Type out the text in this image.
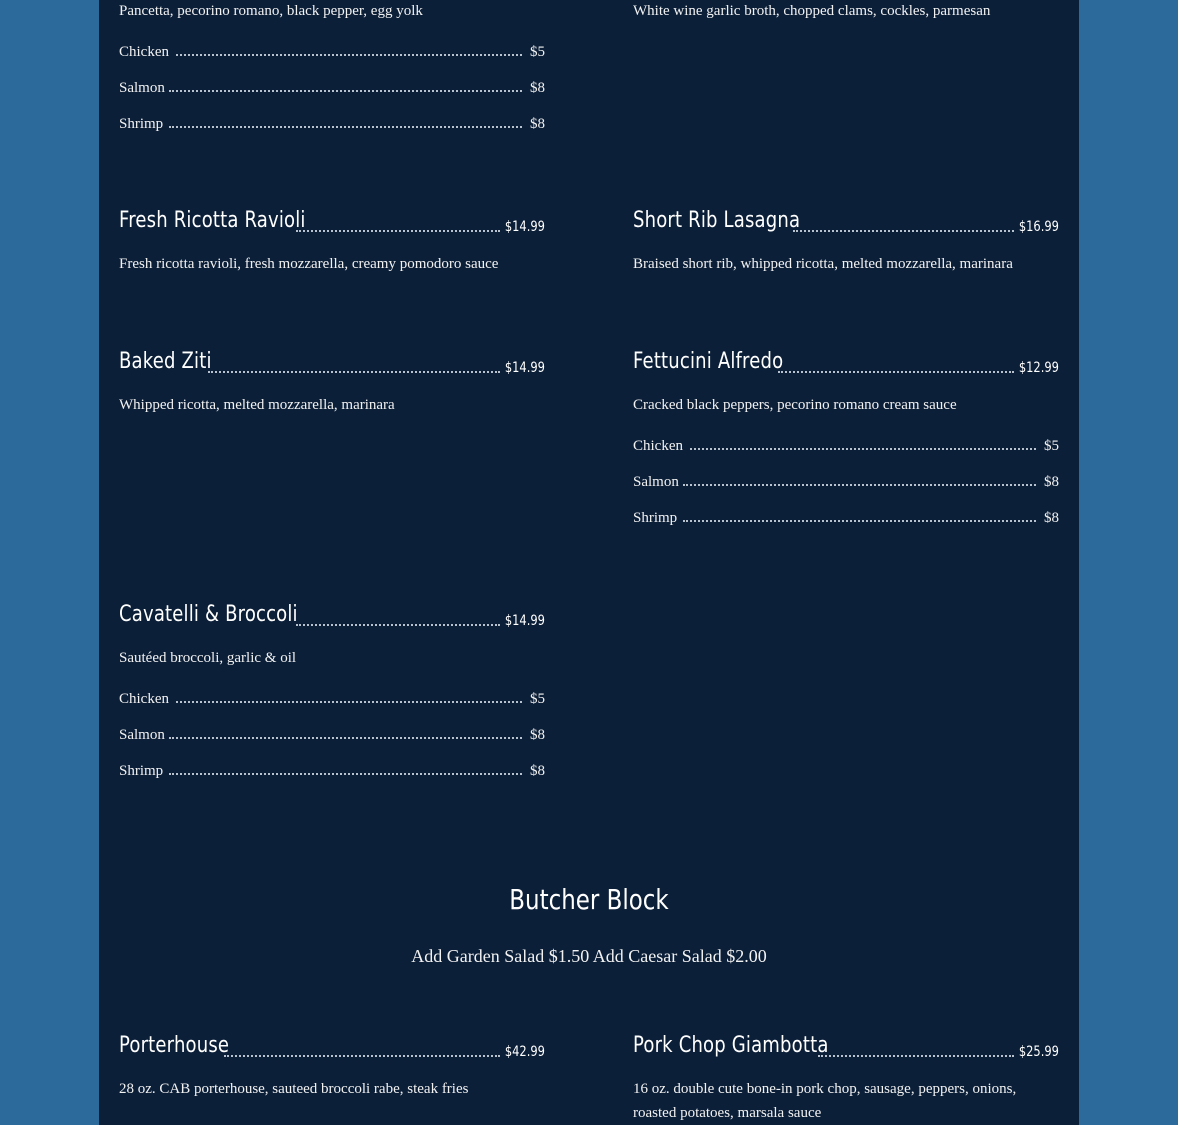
Pancetta, pecorino romano, black pepper, egg yolk
Chicken	$5
Salmon	$8
Shrimp	$8
White wine garlic broth, chopped clams, cockles, parmesan
Fresh Ricotta Ravioli	$14.99
Fresh ricotta ravioli, fresh mozzarella, creamy pomodoro sauce
Short Rib Lasagna	$16.99
Braised short rib, whipped ricotta, melted mozzarella, marinara
Baked Ziti	$14.99
Whipped ricotta, melted mozzarella, marinara
Fettucini Alfredo	$12.99
Cracked black peppers, pecorino romano cream sauce
Chicken	$5
Salmon	$8
Shrimp	$8
Cavatelli & Broccoli	$14.99
Sautéed broccoli, garlic & oil
Chicken	$5
Salmon	$8
Shrimp	$8
Butcher Block
Add Garden Salad $1.50 Add Caesar Salad $2.00
Porterhouse	$42.99
28 oz. CAB porterhouse, sauteed broccoli rabe, steak fries
Pork Chop Giambotta	$25.99
16 oz. double cute bone-in pork chop, sausage, peppers, onions, roasted potatoes, marsala sauce
